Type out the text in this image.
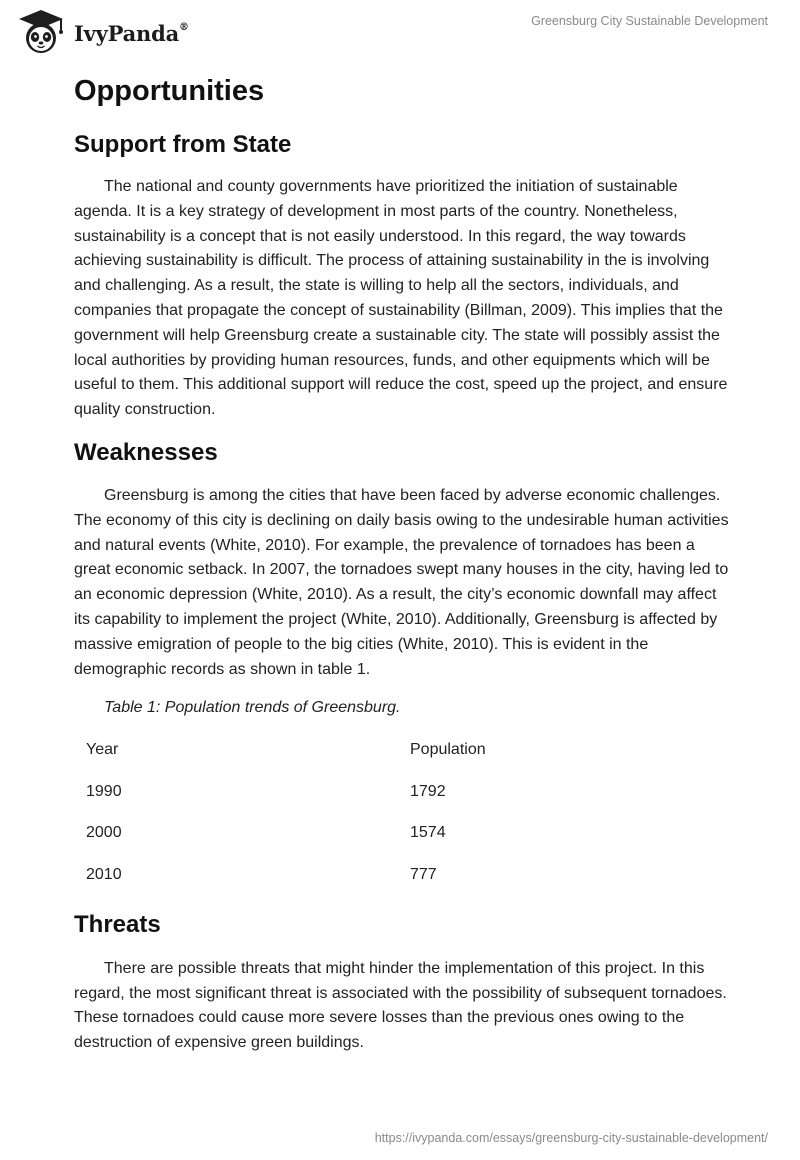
IvyPanda®	Greensburg City Sustainable Development
Opportunities
Support from State

The national and county governments have prioritized the initiation of sustainable agenda. It is a key strategy of development in most parts of the country. Nonetheless, sustainability is a concept that is not easily understood. In this regard, the way towards achieving sustainability is difficult. The process of attaining sustainability in the is involving and challenging. As a result, the state is willing to help all the sectors, individuals, and companies that propagate the concept of sustainability (Billman, 2009). This implies that the government will help Greensburg create a sustainable city. The state will possibly assist the local authorities by providing human resources, funds, and other equipments which will be useful to them. This additional support will reduce the cost, speed up the project, and ensure quality construction.

Weaknesses

Greensburg is among the cities that have been faced by adverse economic challenges. The economy of this city is declining on daily basis owing to the undesirable human activities and natural events (White, 2010). For example, the prevalence of tornadoes has been a great economic setback. In 2007, the tornadoes swept many houses in the city, having led to an economic depression (White, 2010). As a result, the city’s economic downfall may affect its capability to implement the project (White, 2010). Additionally, Greensburg is affected by massive emigration of people to the big cities (White, 2010). This is evident in the demographic records as shown in table 1.

Table 1: Population trends of Greensburg.
Year	Population
1990	1792
2000	1574
2010	777
Threats

There are possible threats that might hinder the implementation of this project. In this regard, the most significant threat is associated with the possibility of subsequent tornadoes. These tornadoes could cause more severe losses than the previous ones owing to the destruction of expensive green buildings.

https://ivypanda.com/essays/greensburg-city-sustainable-development/
